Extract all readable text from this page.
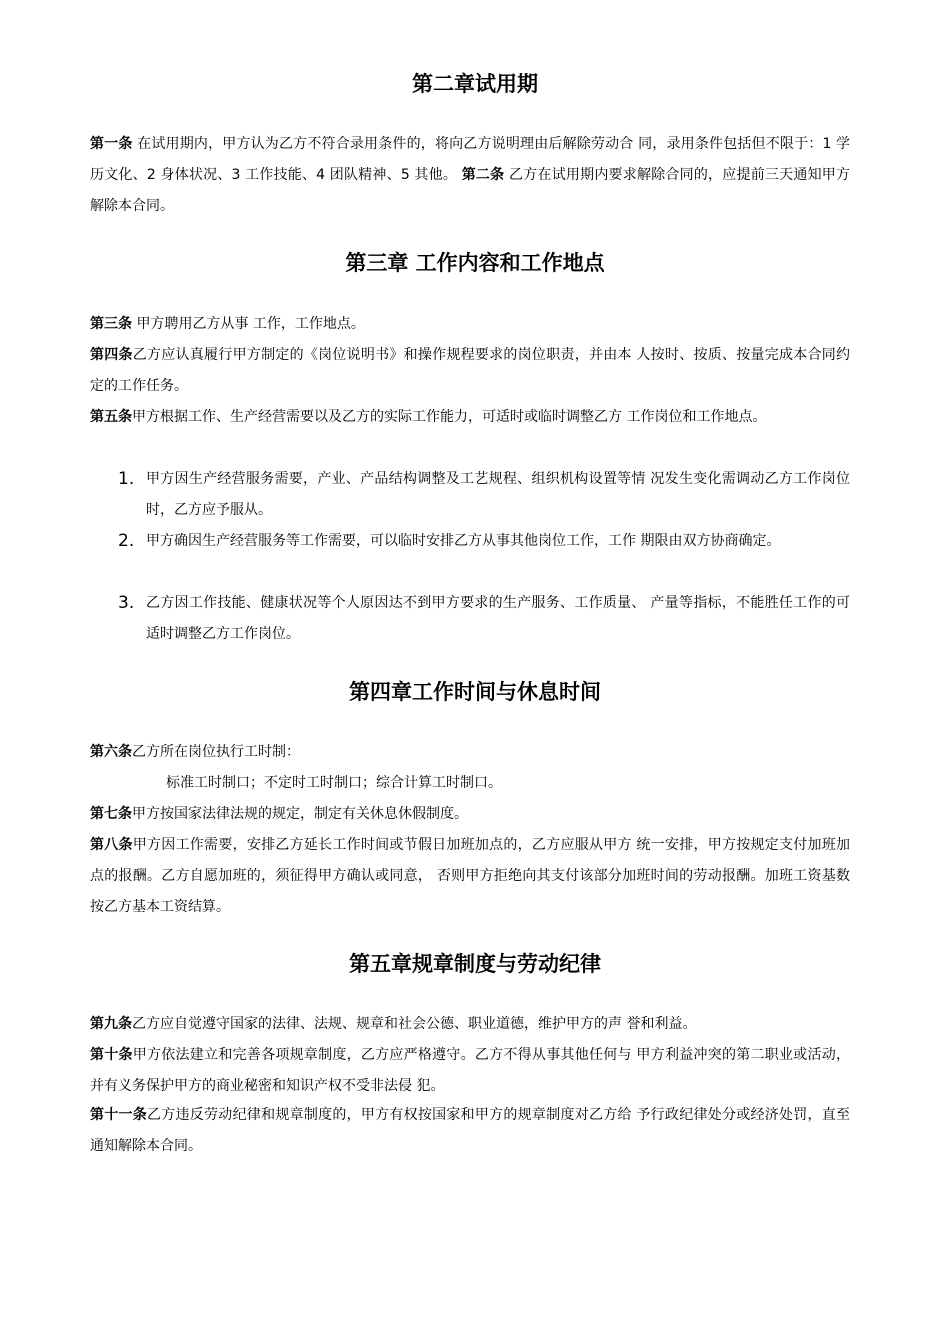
第二章试用期

第一条 在试用期内，甲方认为乙方不符合录用条件的，将向乙方说明理由后解除劳动合 同，录用条件包括但不限于：1 学历文化、2 身体状况、3 工作技能、4 团队精神、5 其他。 第二条 乙方在试用期内要求解除合同的，应提前三天通知甲方解除本合同。

第三章 工作内容和工作地点

第三条 甲方聘用乙方从事 工作，工作地点。

第四条乙方应认真履行甲方制定的《岗位说明书》和操作规程要求的岗位职责，并由本 人按时、按质、按量完成本合同约定的工作任务。

第五条甲方根据工作、生产经营需要以及乙方的实际工作能力，可适时或临时调整乙方 工作岗位和工作地点。

1. 甲方因生产经营服务需要，产业、产品结构调整及工艺规程、组织机构设置等情 况发生变化需调动乙方工作岗位时，乙方应予服从。
2. 甲方确因生产经营服务等工作需要，可以临时安排乙方从事其他岗位工作，工作 期限由双方协商确定。
3. 乙方因工作技能、健康状况等个人原因达不到甲方要求的生产服务、工作质量、 产量等指标，不能胜任工作的可适时调整乙方工作岗位。
第四章工作时间与休息时间

第六条乙方所在岗位执行工时制：

标准工时制口；不定时工时制口；综合计算工时制口。

第七条甲方按国家法律法规的规定，制定有关休息休假制度。

第八条甲方因工作需要，安排乙方延长工作时间或节假日加班加点的，乙方应服从甲方 统一安排，甲方按规定支付加班加点的报酬。乙方自愿加班的，须征得甲方确认或同意， 否则甲方拒绝向其支付该部分加班时间的劳动报酬。加班工资基数按乙方基本工资结算。

第五章规章制度与劳动纪律

第九条乙方应自觉遵守国家的法律、法规、规章和社会公德、职业道德，维护甲方的声 誉和利益。

第十条甲方依法建立和完善各项规章制度，乙方应严格遵守。乙方不得从事其他任何与 甲方利益冲突的第二职业或活动，并有义务保护甲方的商业秘密和知识产权不受非法侵 犯。

第十一条乙方违反劳动纪律和规章制度的，甲方有权按国家和甲方的规章制度对乙方给 予行政纪律处分或经济处罚，直至通知解除本合同。
